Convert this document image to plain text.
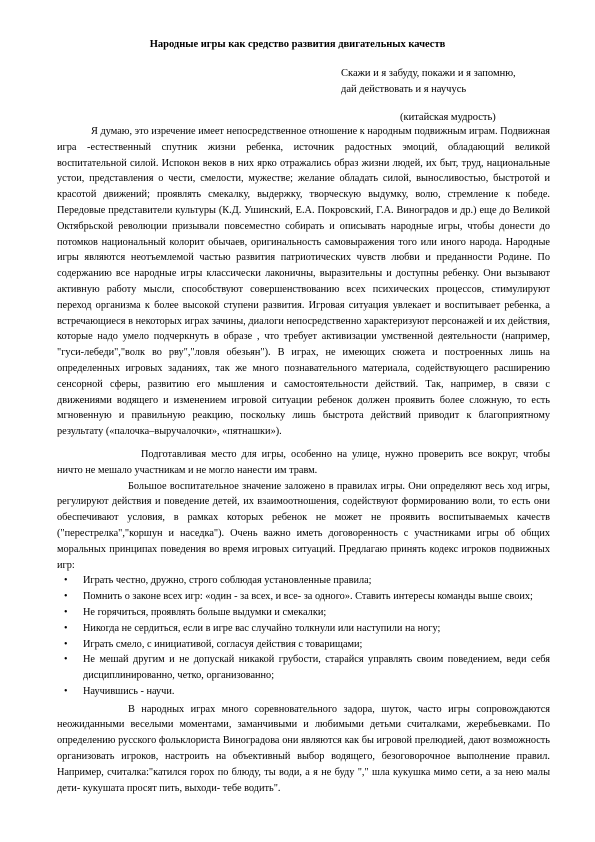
Народные игры как средство развития двигательных качеств
Скажи и я забуду, покажи и я запомню,
дай действовать и я научусь
(китайская мудрость)

Я думаю, это изречение имеет непосредственное отношение к народным подвижным играм. Подвижная игра -естественный спутник жизни ребенка, источник радостных эмоций, обладающий великой воспитательной силой. Испокон веков в них ярко отражались образ жизни людей, их быт, труд, национальные устои, представления о чести, смелости, мужестве; желание обладать силой, выносливостью, быстротой и красотой движений; проявлять смекалку, выдержку, творческую выдумку, волю, стремление к победе. Передовые представители культуры (К.Д. Ушинский, Е.А. Покровский, Г.А. Виноградов и др.) еще до Великой Октябрьской революции призывали повсеместно собирать и описывать народные игры, чтобы донести до потомков национальный колорит обычаев, оригинальность самовыражения того или иного народа. Народные игры являются неотъемлемой частью развития патриотических чувств любви и преданности Родине. По содержанию все народные игры классически лаконичны, выразительны и доступны ребенку. Они вызывают активную работу мысли, способствуют совершенствованию всех психических процессов, стимулируют переход организма к более высокой ступени развития. Игровая ситуация увлекает и воспитывает ребенка, а встречающиеся в некоторых играх зачины, диалоги непосредственно характеризуют персонажей и их действия, которые надо умело подчеркнуть в образе , что требует активизации умственной деятельности (например, "гуси-лебеди","волк во рву","ловля обезьян"). В играх, не имеющих сюжета и построенных лишь на определенных игровых заданиях, так же много познавательного материала, содействующего расширению сенсорной сферы, развитию его мышления и самостоятельности действий. Так, например, в связи с движениями водящего и изменением игровой ситуации ребенок должен проявить более сложную, то есть мгновенную и правильную реакцию, поскольку лишь быстрота действий приводит к благоприятному результату («палочка–выручалочки», «пятнашки»).

Подготавливая место для игры, особенно на улице, нужно проверить все вокруг, чтобы ничто не мешало участникам и не могло нанести им травм.

Большое воспитательное значение заложено в правилах игры. Они определяют весь ход игры, регулируют действия и поведение детей, их взаимоотношения, содействуют формированию воли, то есть они обеспечивают условия, в рамках которых ребенок не может не проявить воспитываемых качеств ("перестрелка","коршун и наседка"). Очень важно иметь договоренность с участниками игры об общих моральных принципах поведения во время игровых ситуаций. Предлагаю принять кодекс игроков подвижных игр:

• Играть честно, дружно, строго соблюдая установленные правила;
• Помнить о законе всех игр: «один - за всех, и все- за одного». Ставить интересы команды выше своих;
• Не горячиться, проявлять больше выдумки и смекалки;
• Никогда не сердиться, если в игре вас случайно толкнули или наступили на ногу;
• Играть смело, с инициативой, согласуя действия с товарищами;
• Не мешай другим и не допускай никакой грубости, старайся управлять своим поведением, веди себя дисциплинированно, четко, организованно;
• Научившись - научи.

В народных играх много соревновательного задора, шуток, часто игры сопровождаются неожиданными веселыми моментами, заманчивыми и любимыми детьми считалками, жеребьевками. По определению русского фольклориста Виноградова они являются как бы игровой прелюдией, дают возможность организовать игроков, настроить на объективный выбор водящего, безоговорочное выполнение правил. Например, считалка:"катился горох по блюду, ты води, а я не буду "," шла кукушка мимо сети, а за нею малы дети- кукушата просят пить, выходи- тебе водить".
